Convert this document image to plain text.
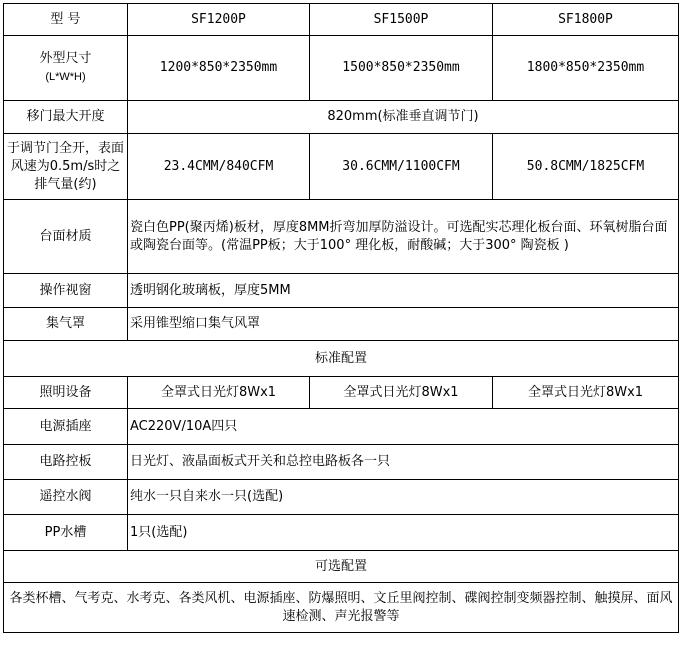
型 号	SF1200P	SF1500P	SF1800P

外型尺寸
(L*W*H)	1200*850*2350mm	1500*850*2350mm	1800*850*2350mm
移门最大开度	820mm(标准垂直调节门)		
于调节门全开，表面风速为0.5m/s时之排气量(约)	23.4CMM/840CFM	30.6CMM/1100CFM	50.8CMM/1825CFM
台面材质	瓷白色PP(聚丙烯)板材，厚度8MM折弯加厚防溢设计。可选配实芯理化板台面、环氧树脂台面或陶瓷台面等。(常温PP板；大于100° 理化板，耐酸碱；大于300° 陶瓷板 )		
操作视窗	透明钢化玻璃板，厚度5MM		
集气罩	采用锥型缩口集气风罩		
标准配置			
照明设备	全罩式日光灯8Wx1	全罩式日光灯8Wx1	全罩式日光灯8Wx1
电源插座	AC220V/10A四只		
电路控板	日光灯、液晶面板式开关和总控电路板各一只		
遥控水阀	纯水一只自来水一只(选配)		
PP水槽	1只(选配)		
可选配置			
各类杯槽、气考克、水考克、各类风机、电源插座、防爆照明、文丘里阀控制、碟阀控制变频器控制、触摸屏、面风速检测、声光报警等			
